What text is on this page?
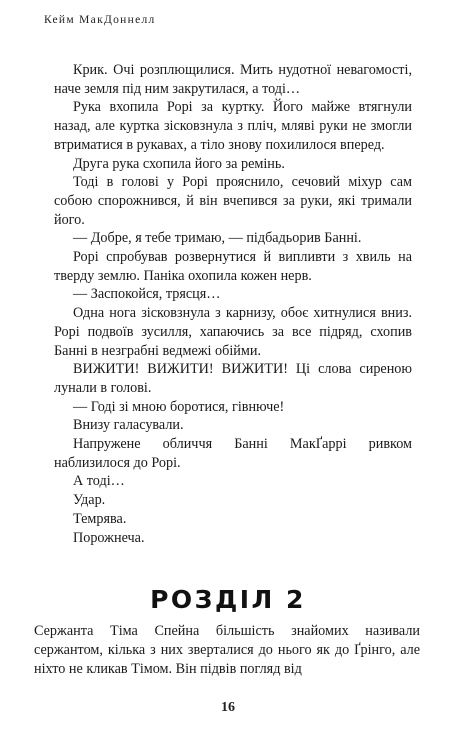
Кейм МакДоннелл

Крик. Очі розплющилися. Мить нудотної невагомості, наче земля під ним закрутилася, а тоді…

Рука вхопила Рорі за куртку. Його майже втягнули назад, але куртка зісковзнула з пліч, мляві руки не змогли втриматися в рукавах, а тіло знову похилилося вперед.

Друга рука схопила його за ремінь.

Тоді в голові у Рорі прояснило, сечовий міхур сам собою спорожнився, й він вчепився за руки, які тримали його.

— Добре, я тебе тримаю, — підбадьорив Банні.

Рорі спробував розвернутися й випливти з хвиль на тверду землю. Паніка охопила кожен нерв.

— Заспокойся, трясця…

Одна нога зісковзнула з карнизу, обоє хитнулися вниз. Рорі подвоїв зусилля, хапаючись за все підряд, схопив Банні в незграбні ведмежі обійми.

ВИЖИТИ! ВИЖИТИ! ВИЖИТИ! Ці слова сиреною лунали в голові.

— Годі зі мною боротися, гівнюче!

Внизу галасували.

Напружене обличчя Банні МакҐаррі ривком наблизилося до Рорі.

А тоді…

Удар.

Темрява.

Порожнеча.

РОЗДІЛ 2

Сержанта Тіма Спейна більшість знайомих називали сержантом, кілька з них зверталися до нього як до Ґрінго, але ніхто не кликав Тімом. Він підвів погляд від

16
